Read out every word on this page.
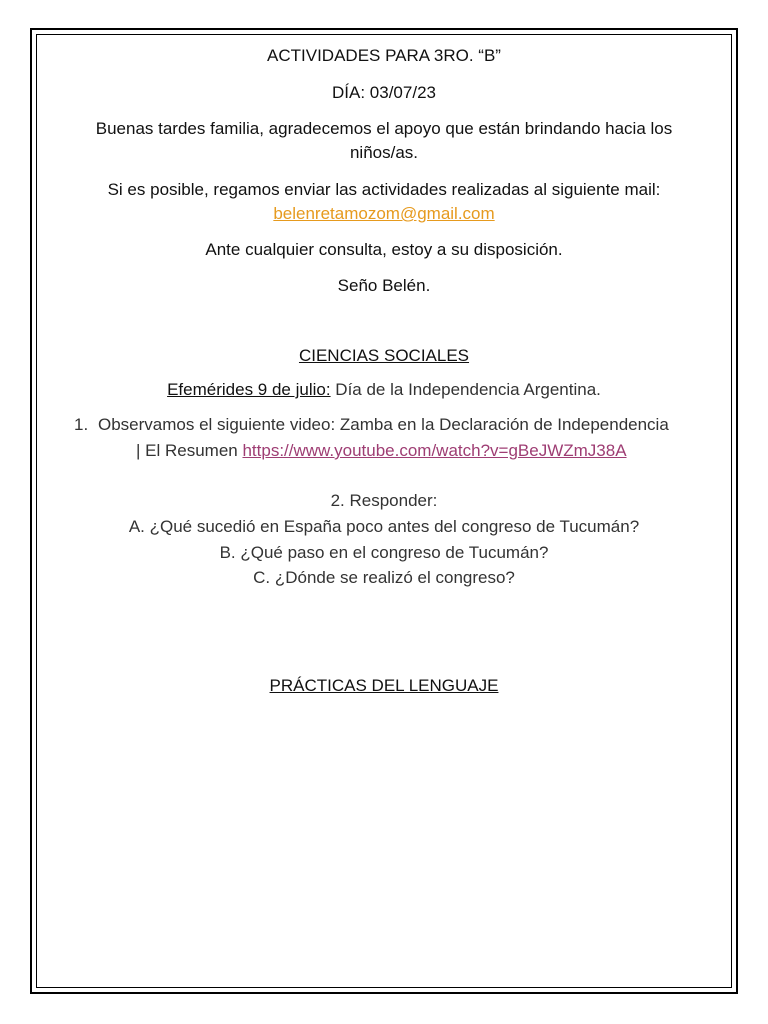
ACTIVIDADES PARA 3RO. “B”
DÍA: 03/07/23
Buenas tardes familia, agradecemos el apoyo que están brindando hacia los
niños/as.
Si es posible, regamos enviar las actividades realizadas al siguiente mail:
belenretamozom@gmail.com
Ante cualquier consulta, estoy a su disposición.
Seño Belén.
CIENCIAS SOCIALES
Efemérides 9 de julio: Día de la Independencia Argentina.
1. Observamos el siguiente video: Zamba en la Declaración de Independencia
| El Resumen https://www.youtube.com/watch?v=gBeJWZmJ38A
2. Responder:
A. ¿Qué sucedió en España poco antes del congreso de Tucumán?
B. ¿Qué paso en el congreso de Tucumán?
C. ¿Dónde se realizó el congreso?
PRÁCTICAS DEL LENGUAJE
